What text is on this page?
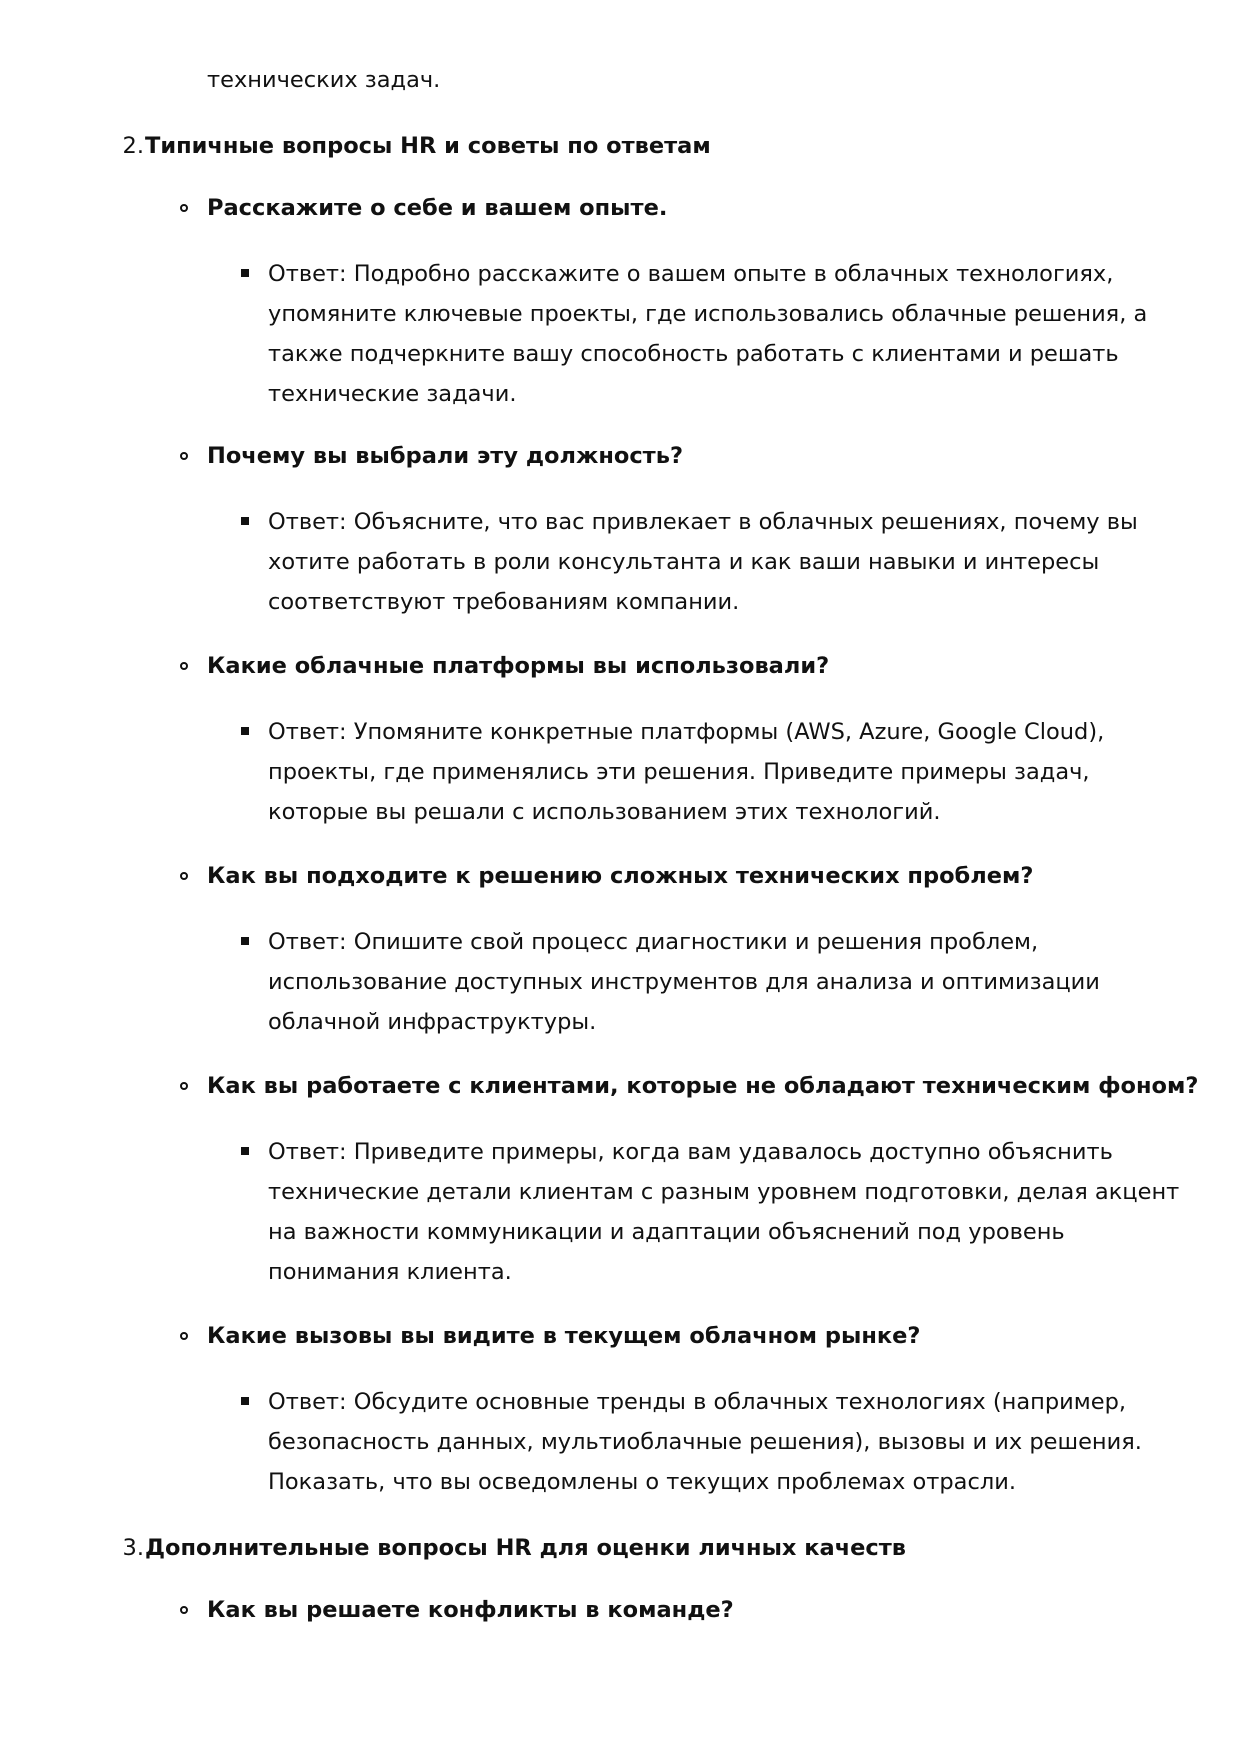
технических задач.

2. Типичные вопросы HR и советы по ответам

Расскажите о себе и вашем опыте.

Ответ: Подробно расскажите о вашем опыте в облачных технологиях,

упомяните ключевые проекты, где использовались облачные решения, а

также подчеркните вашу способность работать с клиентами и решать

технические задачи.

Почему вы выбрали эту должность?

Ответ: Объясните, что вас привлекает в облачных решениях, почему вы

хотите работать в роли консультанта и как ваши навыки и интересы

соответствуют требованиям компании.

Какие облачные платформы вы использовали?

Ответ: Упомяните конкретные платформы (AWS, Azure, Google Cloud),

проекты, где применялись эти решения. Приведите примеры задач,

которые вы решали с использованием этих технологий.

Как вы подходите к решению сложных технических проблем?

Ответ: Опишите свой процесс диагностики и решения проблем,

использование доступных инструментов для анализа и оптимизации

облачной инфраструктуры.

Как вы работаете с клиентами, которые не обладают техническим фоном?

Ответ: Приведите примеры, когда вам удавалось доступно объяснить

технические детали клиентам с разным уровнем подготовки, делая акцент

на важности коммуникации и адаптации объяснений под уровень

понимания клиента.

Какие вызовы вы видите в текущем облачном рынке?

Ответ: Обсудите основные тренды в облачных технологиях (например,

безопасность данных, мультиоблачные решения), вызовы и их решения.

Показать, что вы осведомлены о текущих проблемах отрасли.

3. Дополнительные вопросы HR для оценки личных качеств

Как вы решаете конфликты в команде?
